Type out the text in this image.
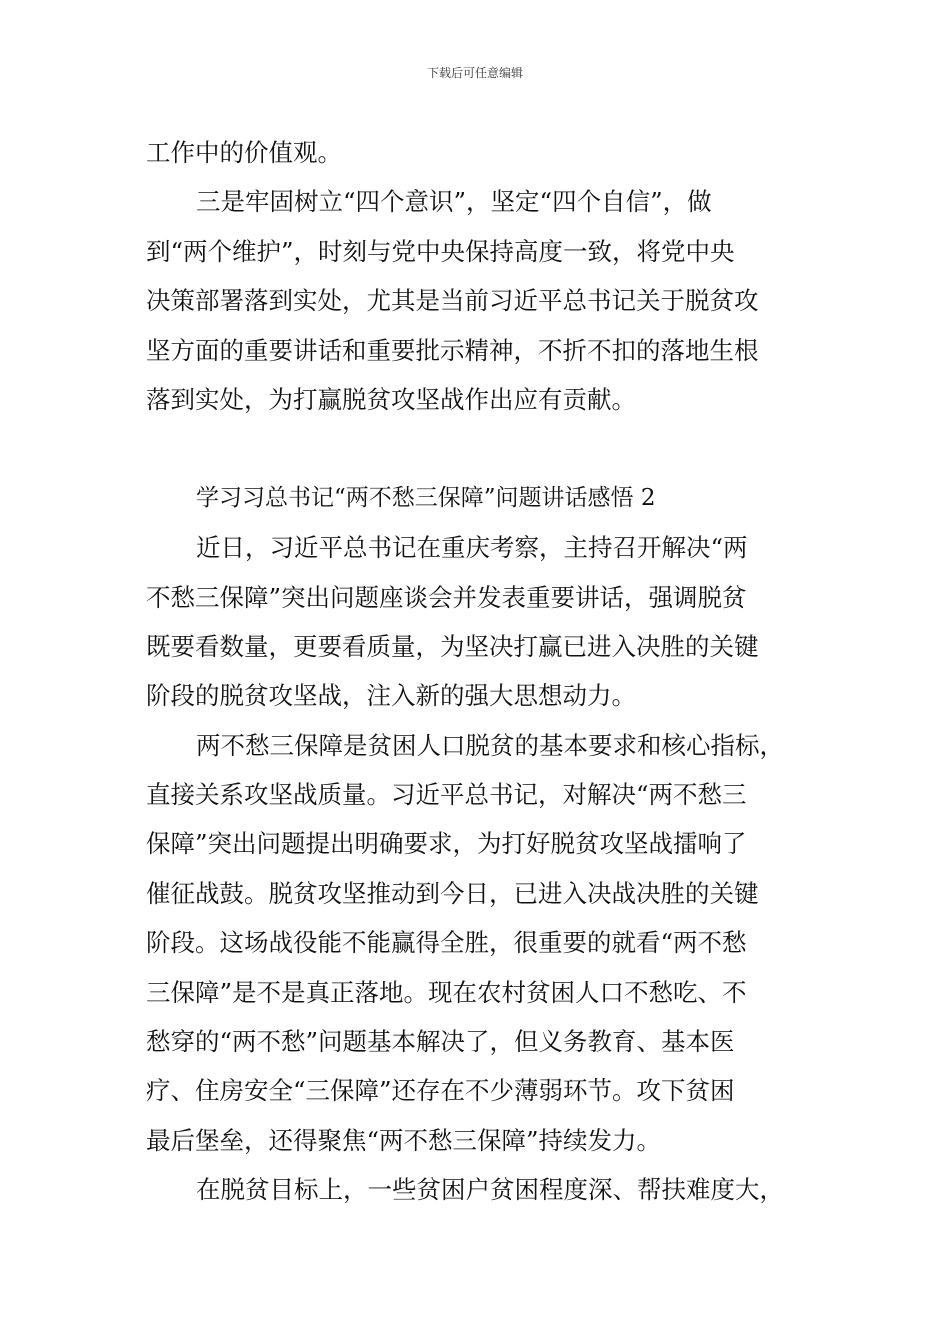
下载后可任意编辑
工作中的价值观。
三是牢固树立“四个意识”，坚定“四个自信”，做
到“两个维护”，时刻与党中央保持高度一致，将党中央
决策部署落到实处，尤其是当前习近平总书记关于脱贫攻
坚方面的重要讲话和重要批示精神，不折不扣的落地生根
落到实处，为打赢脱贫攻坚战作出应有贡献。
学习习总书记“两不愁三保障”问题讲话感悟 2
近日，习近平总书记在重庆考察，主持召开解决“两
不愁三保障”突出问题座谈会并发表重要讲话，强调脱贫
既要看数量，更要看质量，为坚决打赢已进入决胜的关键
阶段的脱贫攻坚战，注入新的强大思想动力。
两不愁三保障是贫困人口脱贫的基本要求和核心指标，
直接关系攻坚战质量。习近平总书记，对解决“两不愁三
保障”突出问题提出明确要求，为打好脱贫攻坚战擂响了
催征战鼓。脱贫攻坚推动到今日，已进入决战决胜的关键
阶段。这场战役能不能赢得全胜，很重要的就看“两不愁
三保障”是不是真正落地。现在农村贫困人口不愁吃、不
愁穿的“两不愁”问题基本解决了，但义务教育、基本医
疗、住房安全“三保障”还存在不少薄弱环节。攻下贫困
最后堡垒，还得聚焦“两不愁三保障”持续发力。
在脱贫目标上，一些贫困户贫困程度深、帮扶难度大，
